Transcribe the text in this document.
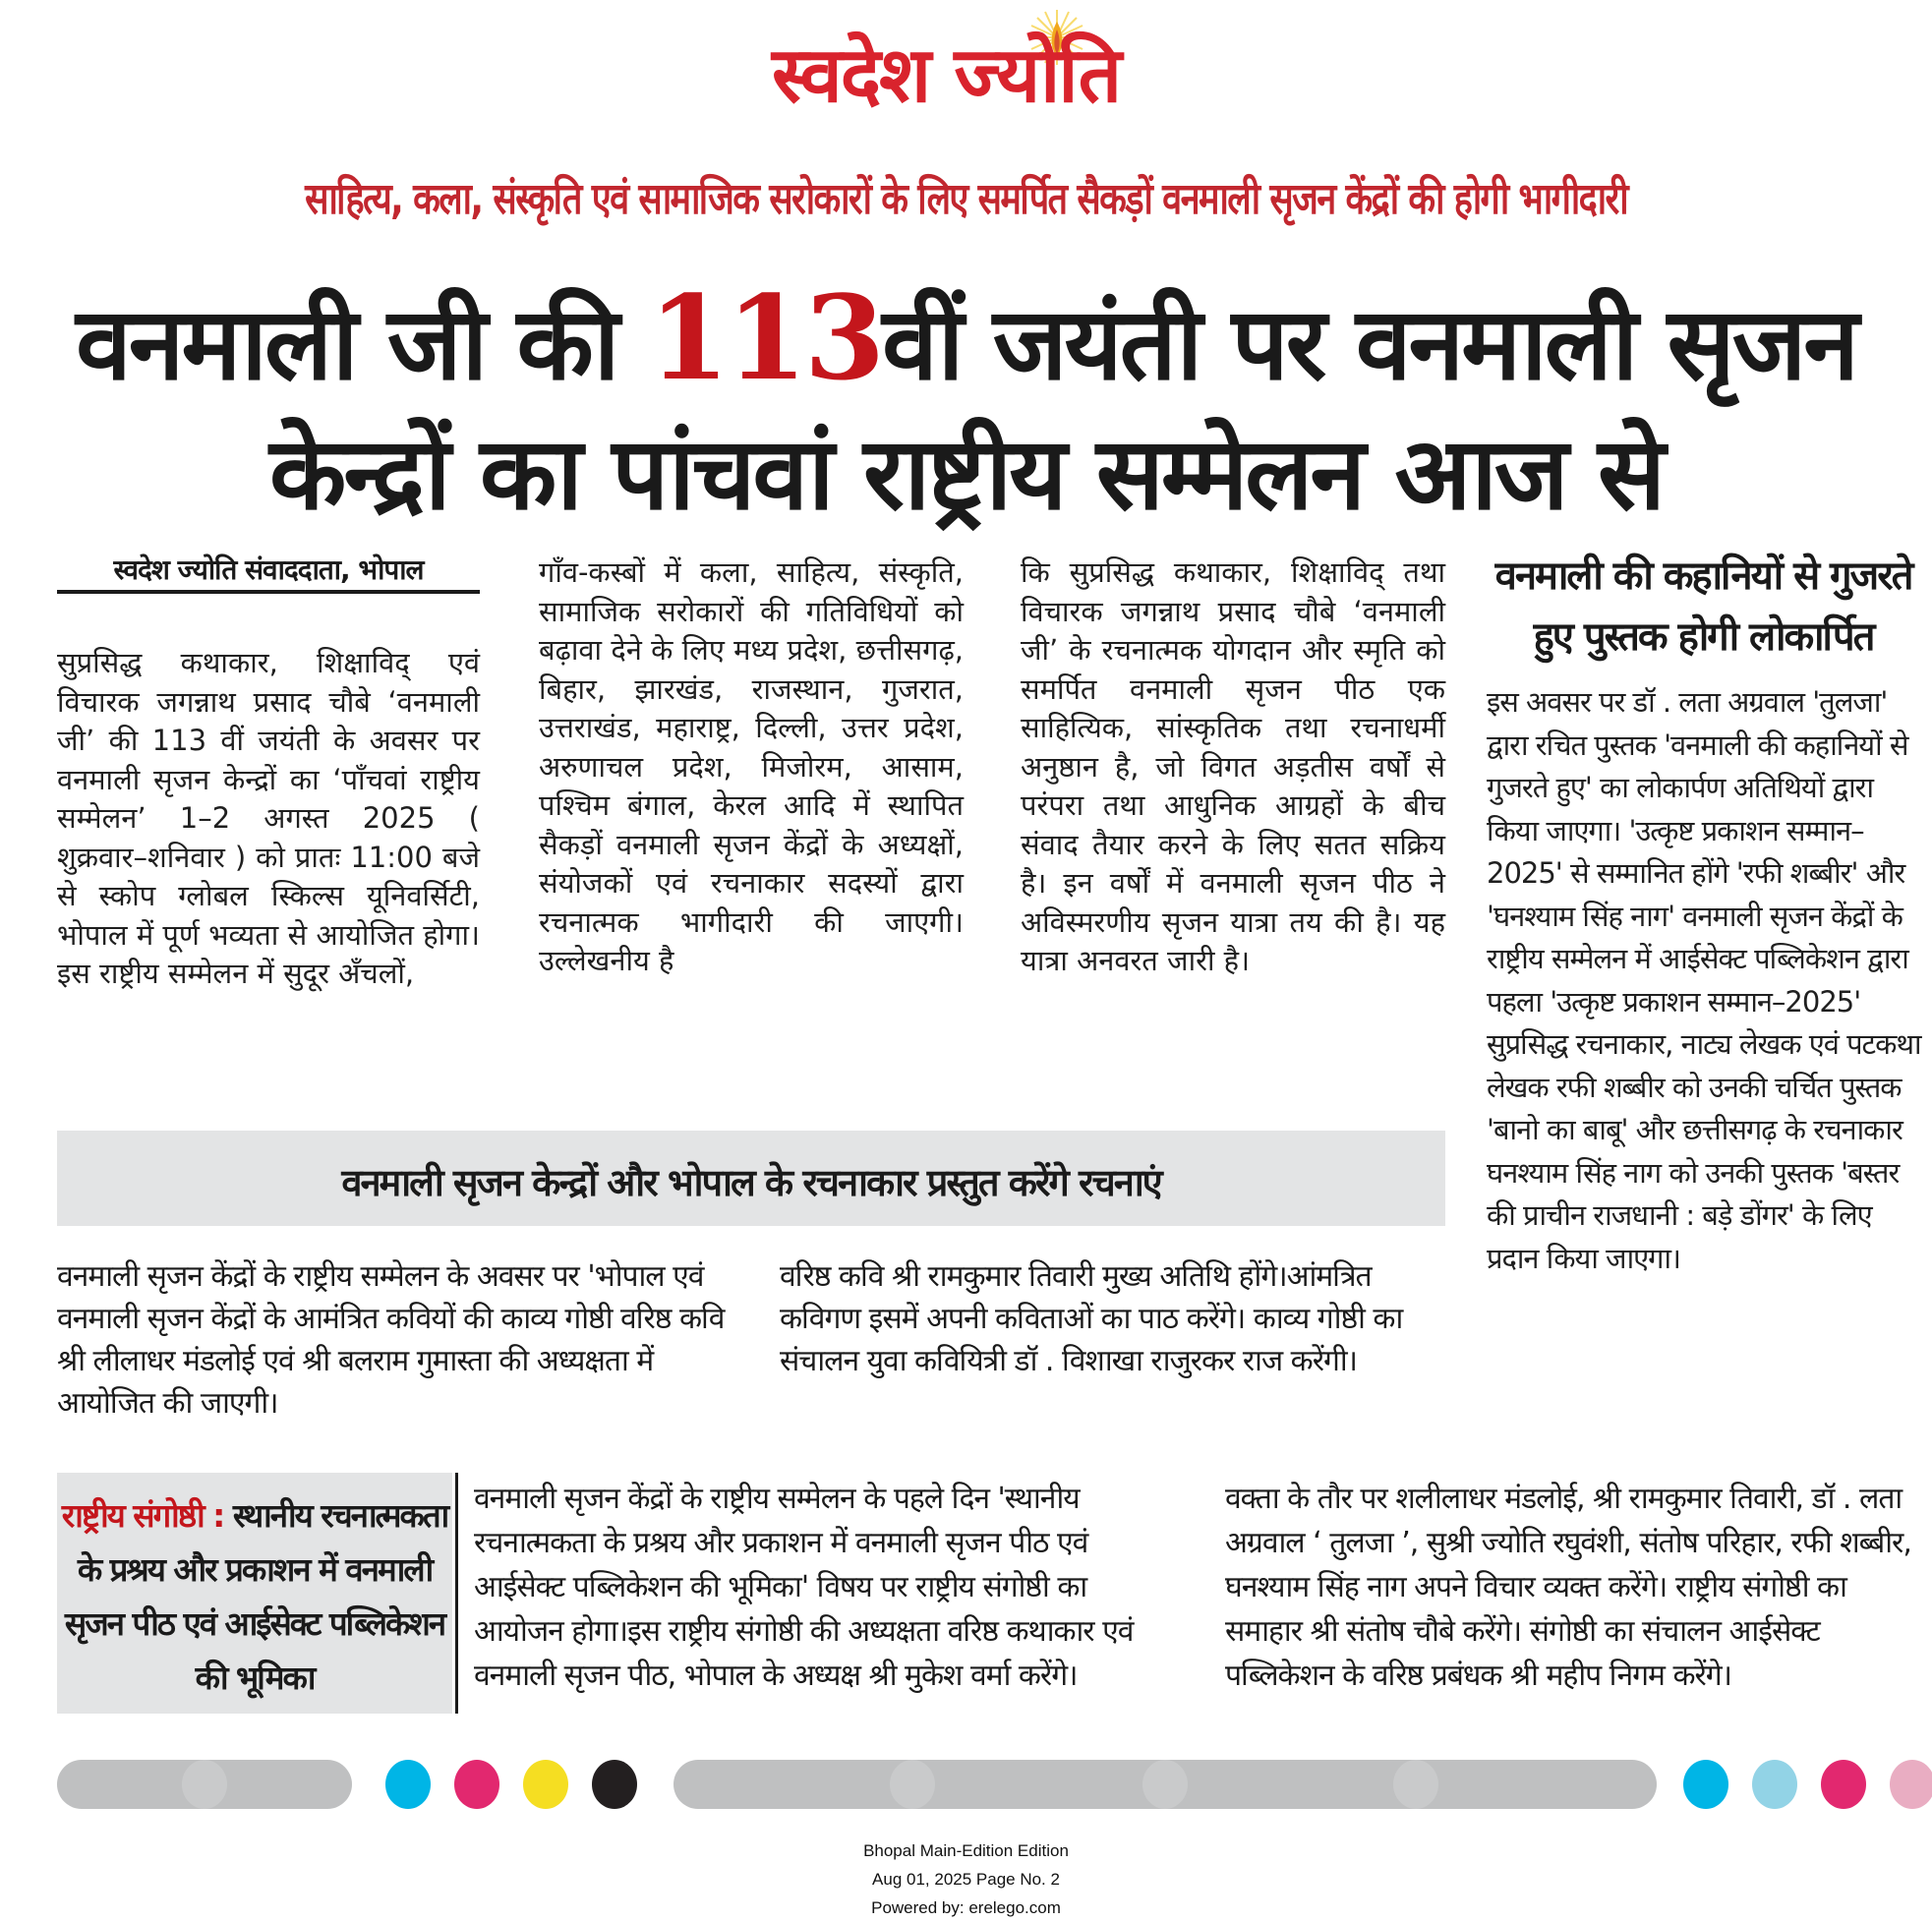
स्वदेश ज्योति
साहित्य, कला, संस्कृति एवं सामाजिक सरोकारों के लिए समर्पित सैकड़ों वनमाली सृजन केंद्रों की होगी भागीदारी
वनमाली जी की 113वीं जयंती पर वनमाली सृजन
केन्द्रों का पांचवां राष्ट्रीय सम्मेलन आज से
स्वदेश ज्योति संवाददाता, भोपाल
सुप्रसिद्ध कथाकार, शिक्षाविद् एवं विचारक जगन्नाथ प्रसाद चौबे ‘वनमाली जी’ की 113 वीं जयंती के अवसर पर वनमाली सृजन केन्द्रों का ‘पाँचवां राष्ट्रीय सम्मेलन’ 1–2 अगस्त 2025 ( शुक्रवार–शनिवार ) को प्रातः 11:00 बजे से स्कोप ग्लोबल स्किल्स यूनिवर्सिटी, भोपाल में पूर्ण भव्यता से आयोजित होगा। इस राष्ट्रीय सम्मेलन में सुदूर अँचलों,
गाँव-कस्बों में कला, साहित्य, संस्कृति, सामाजिक सरोकारों की गतिविधियों को बढ़ावा देने के लिए मध्य प्रदेश, छत्तीसगढ़, बिहार, झारखंड, राजस्थान, गुजरात, उत्तराखंड, महाराष्ट्र, दिल्ली, उत्तर प्रदेश, अरुणाचल प्रदेश, मिजोरम, आसाम, पश्चिम बंगाल, केरल आदि में स्थापित सैकड़ों वनमाली सृजन केंद्रों के अध्यक्षों, संयोजकों एवं रचनाकार सदस्यों द्वारा रचनात्मक भागीदारी की जाएगी। उल्लेखनीय है
कि सुप्रसिद्ध कथाकार, शिक्षाविद् तथा विचारक जगन्नाथ प्रसाद चौबे ‘वनमाली जी’ के रचनात्मक योगदान और स्मृति को समर्पित वनमाली सृजन पीठ एक साहित्यिक, सांस्कृतिक तथा रचनाधर्मी अनुष्ठान है, जो विगत अड़तीस वर्षों से परंपरा तथा आधुनिक आग्रहों के बीच संवाद तैयार करने के लिए सतत सक्रिय है। इन वर्षों में वनमाली सृजन पीठ ने अविस्मरणीय सृजन यात्रा तय की है। यह यात्रा अनवरत जारी है।
वनमाली की कहानियों से गुजरते हुए पुस्तक होगी लोकार्पित
इस अवसर पर डॉ . लता अग्रवाल 'तुलजा' द्वारा रचित पुस्तक 'वनमाली की कहानियों से गुजरते हुए' का लोकार्पण अतिथियों द्वारा किया जाएगा। 'उत्कृष्ट प्रकाशन सम्मान–2025' से सम्मानित होंगे 'रफी शब्बीर' और 'घनश्याम सिंह नाग' वनमाली सृजन केंद्रों के राष्ट्रीय सम्मेलन में आईसेक्ट पब्लिकेशन द्वारा पहला 'उत्कृष्ट प्रकाशन सम्मान–2025' सुप्रसिद्ध रचनाकार, नाट्य लेखक एवं पटकथा लेखक रफी शब्बीर को उनकी चर्चित पुस्तक 'बानो का बाबू' और छत्तीसगढ़ के रचनाकार घनश्याम सिंह नाग को उनकी पुस्तक 'बस्तर की प्राचीन राजधानी : बड़े डोंगर' के लिए प्रदान किया जाएगा।
वनमाली सृजन केन्द्रों और भोपाल के रचनाकार प्रस्तुत करेंगे रचनाएं
वनमाली सृजन केंद्रों के राष्ट्रीय सम्मेलन के अवसर पर 'भोपाल एवं वनमाली सृजन केंद्रों के आमंत्रित कवियों की काव्य गोष्ठी वरिष्ठ कवि श्री लीलाधर मंडलोई एवं श्री बलराम गुमास्ता की अध्यक्षता में आयोजित की जाएगी।
वरिष्ठ कवि श्री रामकुमार तिवारी मुख्य अतिथि होंगे।आंमत्रित कविगण इसमें अपनी कविताओं का पाठ करेंगे। काव्य गोष्ठी का संचालन युवा कवियित्री डॉ . विशाखा राजुरकर राज करेंगी।
राष्ट्रीय संगोष्ठी : स्थानीय रचनात्मकता के प्रश्रय और प्रकाशन में वनमाली सृजन पीठ एवं आईसेक्ट पब्लिकेशन की भूमिका
वनमाली सृजन केंद्रों के राष्ट्रीय सम्मेलन के पहले दिन 'स्थानीय रचनात्मकता के प्रश्रय और प्रकाशन में वनमाली सृजन पीठ एवं आईसेक्ट पब्लिकेशन की भूमिका' विषय पर राष्ट्रीय संगोष्ठी का आयोजन होगा।इस राष्ट्रीय संगोष्ठी की अध्यक्षता वरिष्ठ कथाकार एवं वनमाली सृजन पीठ, भोपाल के अध्यक्ष श्री मुकेश वर्मा करेंगे।
वक्ता के तौर पर शलीलाधर मंडलोई, श्री रामकुमार तिवारी, डॉ . लता अग्रवाल ‘ तुलजा ’, सुश्री ज्योति रघुवंशी, संतोष परिहार, रफी शब्बीर, घनश्याम सिंह नाग अपने विचार व्यक्त करेंगे। राष्ट्रीय संगोष्ठी का समाहार श्री संतोष चौबे करेंगे। संगोष्ठी का संचालन आईसेक्ट पब्लिकेशन के वरिष्ठ प्रबंधक श्री महीप निगम करेंगे।
Bhopal Main-Edition Edition
Aug 01, 2025 Page No. 2
Powered by: erelego.com
